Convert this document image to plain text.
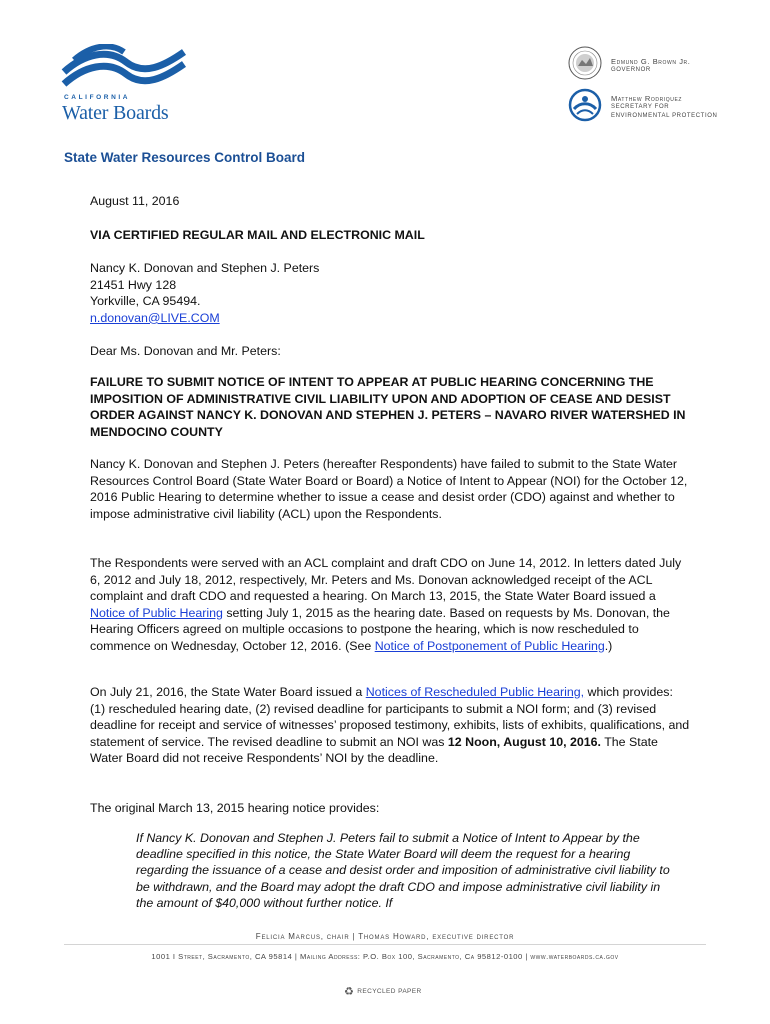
CALIFORNIA
Water Boards
Edmund G. Brown Jr.
GOVERNOR
Matthew Rodriquez
SECRETARY FOR
ENVIRONMENTAL PROTECTION
State Water Resources Control Board

August 11, 2016

VIA CERTIFIED REGULAR MAIL AND ELECTRONIC MAIL

Nancy K. Donovan and Stephen J. Peters
21451 Hwy 128
Yorkville, CA 95494.
n.donovan@LIVE.COM

Dear Ms. Donovan and Mr. Peters:

FAILURE TO SUBMIT NOTICE OF INTENT TO APPEAR AT PUBLIC HEARING CONCERNING THE IMPOSITION OF ADMINISTRATIVE CIVIL LIABILITY UPON AND ADOPTION OF CEASE AND DESIST ORDER AGAINST NANCY K. DONOVAN AND STEPHEN J. PETERS – NAVARO RIVER WATERSHED IN MENDOCINO COUNTY

Nancy K. Donovan and Stephen J. Peters (hereafter Respondents) have failed to submit to the State Water Resources Control Board (State Water Board or Board) a Notice of Intent to Appear (NOI) for the October 12, 2016 Public Hearing to determine whether to issue a cease and desist order (CDO) against and whether to impose administrative civil liability (ACL) upon the Respondents.

The Respondents were served with an ACL complaint and draft CDO on June 14, 2012. In letters dated July 6, 2012 and July 18, 2012, respectively, Mr. Peters and Ms. Donovan acknowledged receipt of the ACL complaint and draft CDO and requested a hearing. On March 13, 2015, the State Water Board issued a Notice of Public Hearing setting July 1, 2015 as the hearing date. Based on requests by Ms. Donovan, the Hearing Officers agreed on multiple occasions to postpone the hearing, which is now rescheduled to commence on Wednesday, October 12, 2016. (See Notice of Postponement of Public Hearing.)

On July 21, 2016, the State Water Board issued a Notices of Rescheduled Public Hearing, which provides: (1) rescheduled hearing date, (2) revised deadline for participants to submit a NOI form; and (3) revised deadline for receipt and service of witnesses’ proposed testimony, exhibits, lists of exhibits, qualifications, and statement of service. The revised deadline to submit an NOI was 12 Noon, August 10, 2016. The State Water Board did not receive Respondents’ NOI by the deadline.

The original March 13, 2015 hearing notice provides:

If Nancy K. Donovan and Stephen J. Peters fail to submit a Notice of Intent to Appear by the deadline specified in this notice, the State Water Board will deem the request for a hearing regarding the issuance of a cease and desist order and imposition of administrative civil liability to be withdrawn, and the Board may adopt the draft CDO and impose administrative civil liability in the amount of $40,000 without further notice. If

Felicia Marcus, chair | Thomas Howard, executive director
1001 I Street, Sacramento, CA 95814 | Mailing Address: P.O. Box 100, Sacramento, Ca 95812-0100 | www.waterboards.ca.gov
♻ RECYCLED PAPER
